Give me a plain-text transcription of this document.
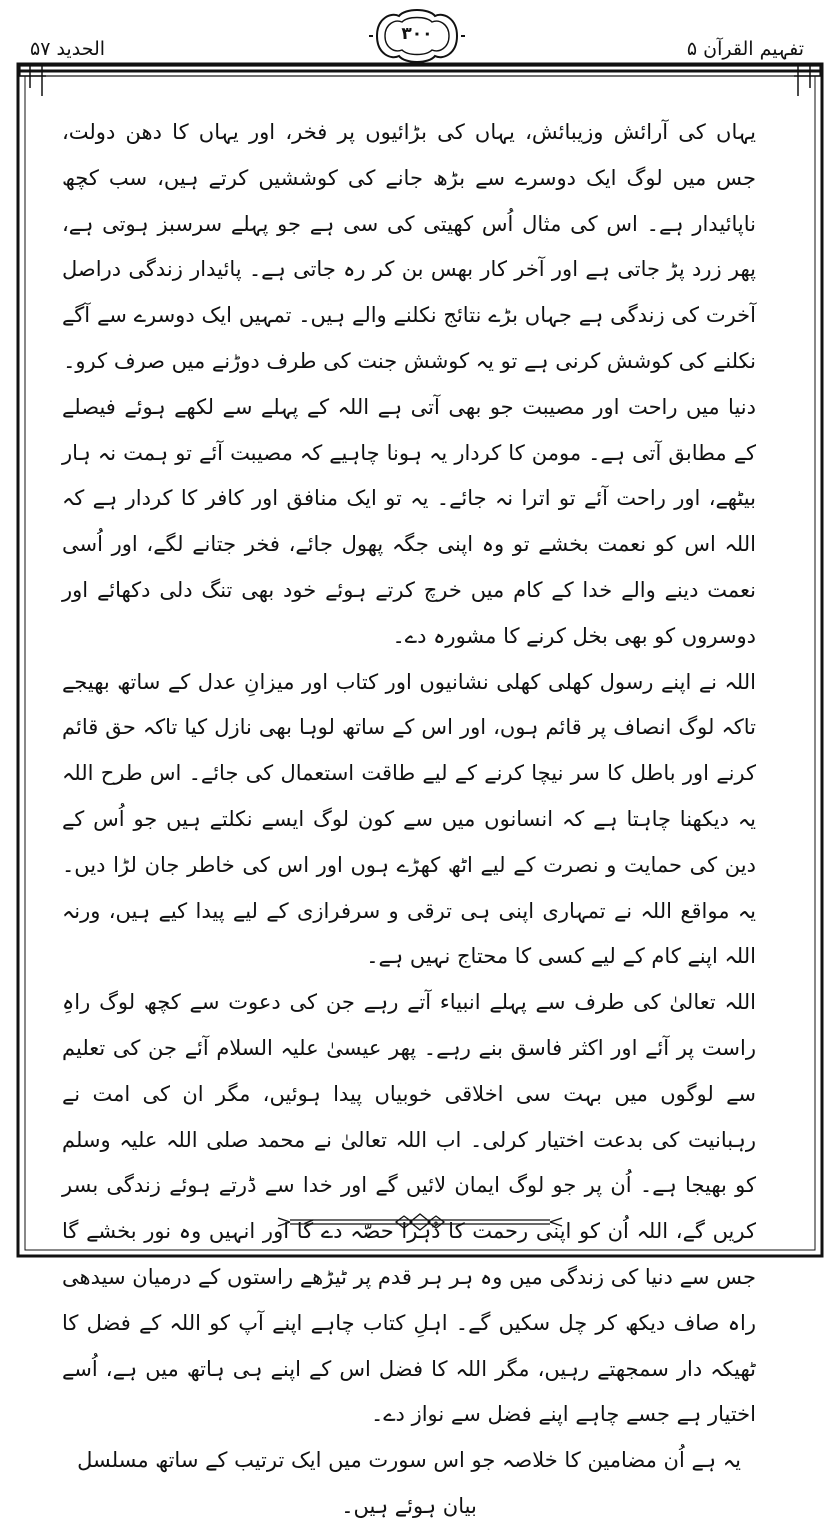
تفہیم القرآن ۵
الحدید ۵۷
۳۰۰

یہاں کی آرائش وزیبائش، یہاں کی بڑائیوں پر فخر، اور یہاں کا دھن دولت، جس میں لوگ ایک دوسرے سے بڑھ جانے کی کوششیں کرتے ہیں، سب کچھ ناپائیدار ہے۔ اس کی مثال اُس کھیتی کی سی ہے جو پہلے سرسبز ہوتی ہے، پھر زرد پڑ جاتی ہے اور آخر کار بھس بن کر رہ جاتی ہے۔ پائیدار زندگی دراصل آخرت کی زندگی ہے جہاں بڑے نتائج نکلنے والے ہیں۔ تمہیں ایک دوسرے سے آگے نکلنے کی کوشش کرنی ہے تو یہ کوشش جنت کی طرف دوڑنے میں صرف کرو۔

دنیا میں راحت اور مصیبت جو بھی آتی ہے اللہ کے پہلے سے لکھے ہوئے فیصلے کے مطابق آتی ہے۔ مومن کا کردار یہ ہونا چاہیے کہ مصیبت آئے تو ہمت نہ ہار بیٹھے، اور راحت آئے تو اترا نہ جائے۔ یہ تو ایک منافق اور کافر کا کردار ہے کہ اللہ اس کو نعمت بخشے تو وہ اپنی جگہ پھول جائے، فخر جتانے لگے، اور اُسی نعمت دینے والے خدا کے کام میں خرچ کرتے ہوئے خود بھی تنگ دلی دکھائے اور دوسروں کو بھی بخل کرنے کا مشورہ دے۔

اللہ نے اپنے رسول کھلی کھلی نشانیوں اور کتاب اور میزانِ عدل کے ساتھ بھیجے تاکہ لوگ انصاف پر قائم ہوں، اور اس کے ساتھ لوہا بھی نازل کیا تاکہ حق قائم کرنے اور باطل کا سر نیچا کرنے کے لیے طاقت استعمال کی جائے۔ اس طرح اللہ یہ دیکھنا چاہتا ہے کہ انسانوں میں سے کون لوگ ایسے نکلتے ہیں جو اُس کے دین کی حمایت و نصرت کے لیے اٹھ کھڑے ہوں اور اس کی خاطر جان لڑا دیں۔ یہ مواقع اللہ نے تمہاری اپنی ہی ترقی و سرفرازی کے لیے پیدا کیے ہیں، ورنہ اللہ اپنے کام کے لیے کسی کا محتاج نہیں ہے۔

اللہ تعالیٰ کی طرف سے پہلے انبیاء آتے رہے جن کی دعوت سے کچھ لوگ راہِ راست پر آئے اور اکثر فاسق بنے رہے۔ پھر عیسیٰ علیہ السلام آئے جن کی تعلیم سے لوگوں میں بہت سی اخلاقی خوبیاں پیدا ہوئیں، مگر ان کی امت نے رہبانیت کی بدعت اختیار کرلی۔ اب اللہ تعالیٰ نے محمد صلی اللہ علیہ وسلم کو بھیجا ہے۔ اُن پر جو لوگ ایمان لائیں گے اور خدا سے ڈرتے ہوئے زندگی بسر کریں گے، اللہ اُن کو اپنی رحمت کا دُہرا حصّہ دے گا اور انہیں وہ نور بخشے گا جس سے دنیا کی زندگی میں وہ ہر ہر قدم پر ٹیڑھے راستوں کے درمیان سیدھی راہ صاف دیکھ کر چل سکیں گے۔ اہلِ کتاب چاہے اپنے آپ کو اللہ کے فضل کا ٹھیکہ دار سمجھتے رہیں، مگر اللہ کا فضل اس کے اپنے ہی ہاتھ میں ہے، اُسے اختیار ہے جسے چاہے اپنے فضل سے نواز دے۔

یہ ہے اُن مضامین کا خلاصہ جو اس سورت میں ایک ترتیب کے ساتھ مسلسل بیان ہوئے ہیں۔
